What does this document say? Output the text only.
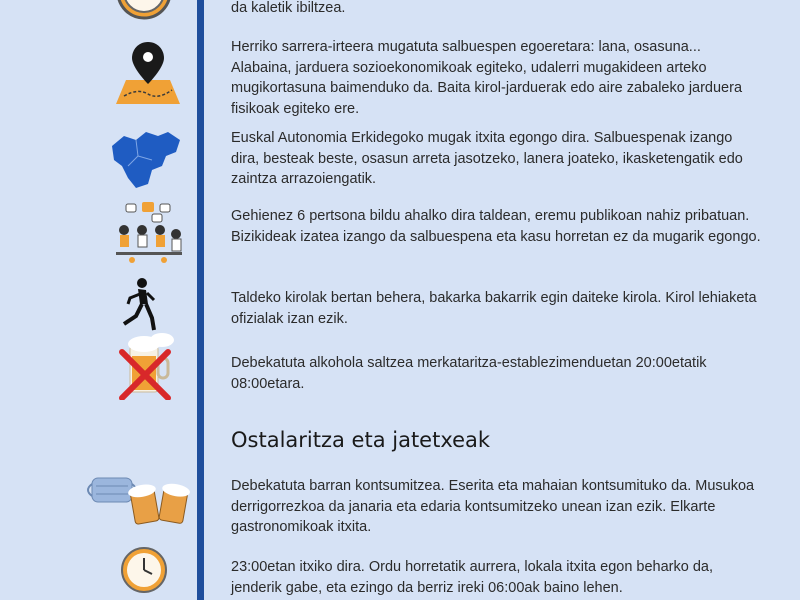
da kaletik ibiltzea.

Herriko sarrera-irteera mugatuta salbuespen egoeretara: lana, osasuna... Alabaina, jarduera sozioekonomikoak egiteko, udalerri mugakideen arteko mugikortasuna baimenduko da. Baita kirol-jarduerak edo aire zabaleko jarduera fisikoak egiteko ere.

Euskal Autonomia Erkidegoko mugak itxita egongo dira. Salbuespenak izango dira, besteak beste, osasun arreta jasotzeko, lanera joateko, ikasketengatik edo zaintza arrazoiengatik.

Gehienez 6 pertsona bildu ahalko dira taldean, eremu publikoan nahiz pribatuan. Bizikideak izatea izango da salbuespena eta kasu horretan ez da mugarik egongo.

Taldeko kirolak bertan behera, bakarka bakarrik egin daiteke kirola. Kirol lehiaketa ofizialak izan ezik.

Debekatuta alkohola saltzea merkataritza-establezimenduetan 20:00etatik 08:00etara.

Ostalaritza eta jatetxeak

Debekatuta barran kontsumitzea. Eserita eta mahaian kontsumituko da. Musukoa derrigorrezkoa da janaria eta edaria kontsumitzeko unean izan ezik. Elkarte gastronomikoak itxita.

23:00etan itxiko dira. Ordu horretatik aurrera, lokala itxita egon beharko da, jenderik gabe, eta ezingo da berriz ireki 06:00ak baino lehen.
